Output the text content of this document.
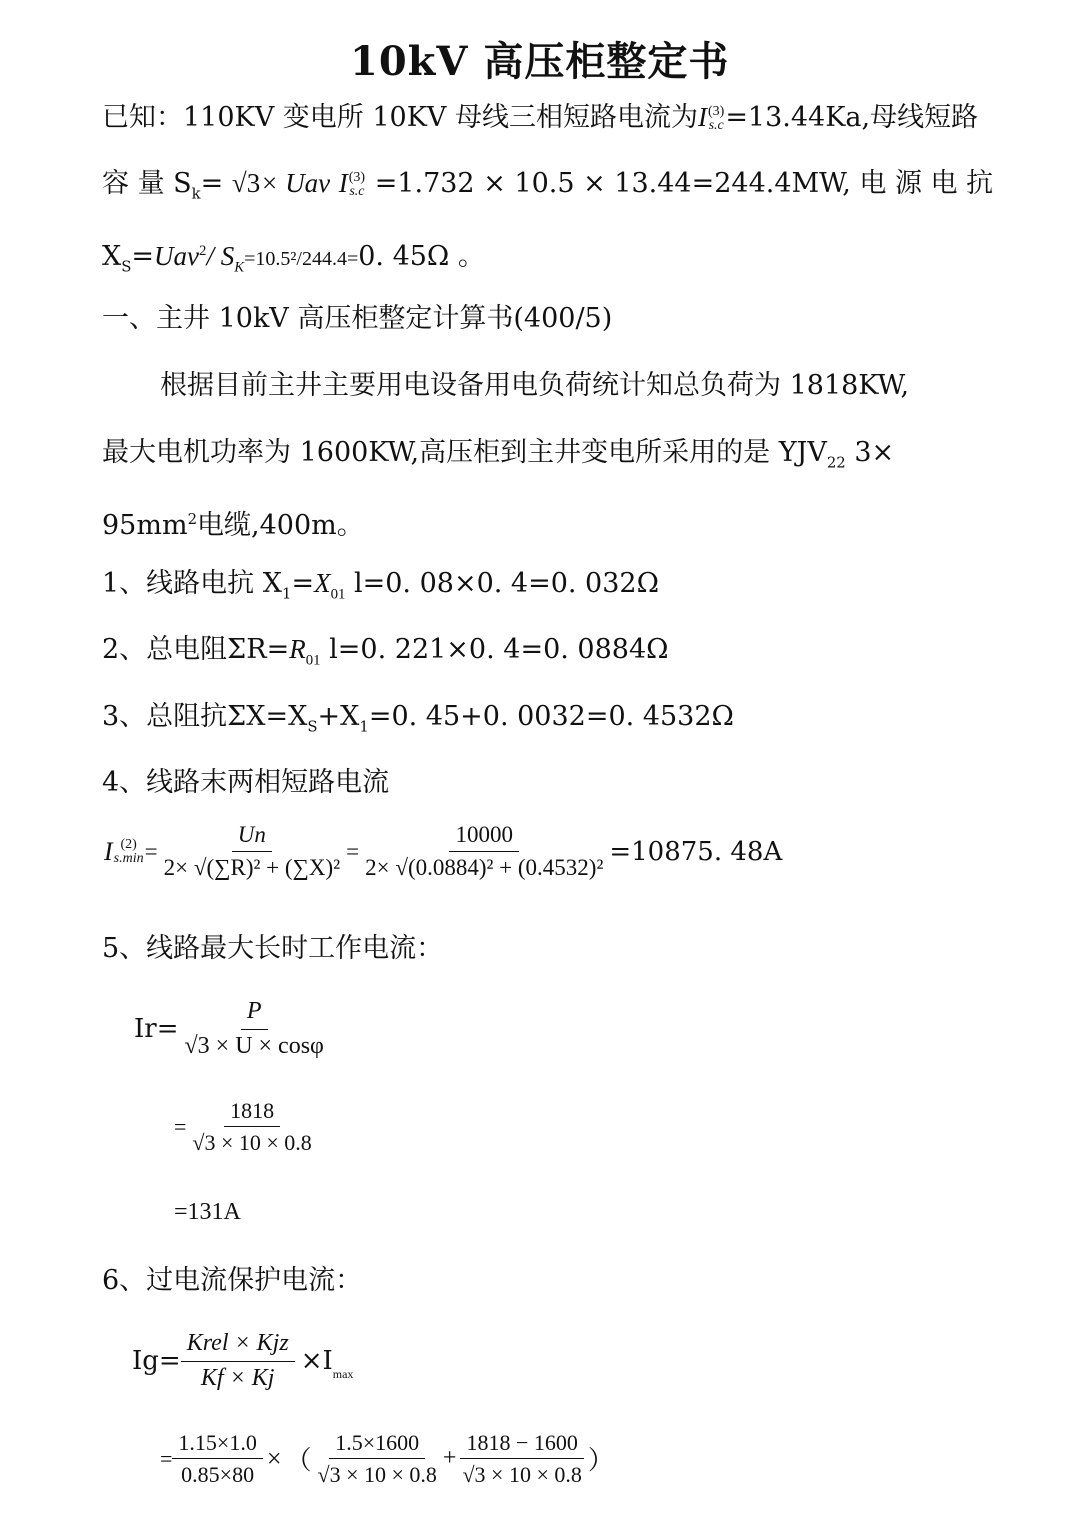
10kV 高压柜整定书
已知：110KV 变电所 10KV 母线三相短路电流为I (3)
s.c =13.44Ka,母线短路
容 量 $S_k= √3\times$ Uav I (3)
s.c =1.732 × 10.5 × 13.44=244.4MW, 电 源 电 抗
$X_S=Uav^2/$ $S_K=10.5^2/244.4=0$. 45Ω 。
一、主井 10kV 高压柜整定计算书(400/5)
根据目前主井主要用电设备用电负荷统计知总负荷为 1818KW,
最大电机功率为 1600KW,高压柜到主井变电所采用的是 $YJV_{22}$ 3×
$95mm^2$电缆,400m。
1、线路电抗 $X_1=X_{01}$ l=0. 08×0. 4=0. 032Ω
2、总电阻$\Sigma R=R_{01}$ l=0. 221×0. 4=0. 0884Ω
3、总阻抗$\Sigma X=X_S+X_1=0$. 45+0. 0032=0. 4532Ω
4、线路末两相短路电流
I (2)
$s.\min = \frac{Un}{\text{2× √(∑R)² + (∑X)²}} = \frac{10000}{\text{2× √(0.0884)² + (0.4532)²}} =10875$. 48A
5、线路最大长时工作电流：
$Ir= \frac{P}{√3 \times U \times \cos\varphi}$
= $\frac{1818}{√3 \times 10 \times 0.8}$
=131A
6、过电流保护电流：
$Ig= \frac{\text{Krel × Kjz}}{Kf \times Kj} \times I_{max}$
= $\frac{1.15\times 1.0}{0.85\times 80}$ × （ $\frac{1.5\times 1600}{√3 \times 10 \times 0.8} + \frac{1818 - 1600}{√3 \times 10 \times 0.8}$ ）
